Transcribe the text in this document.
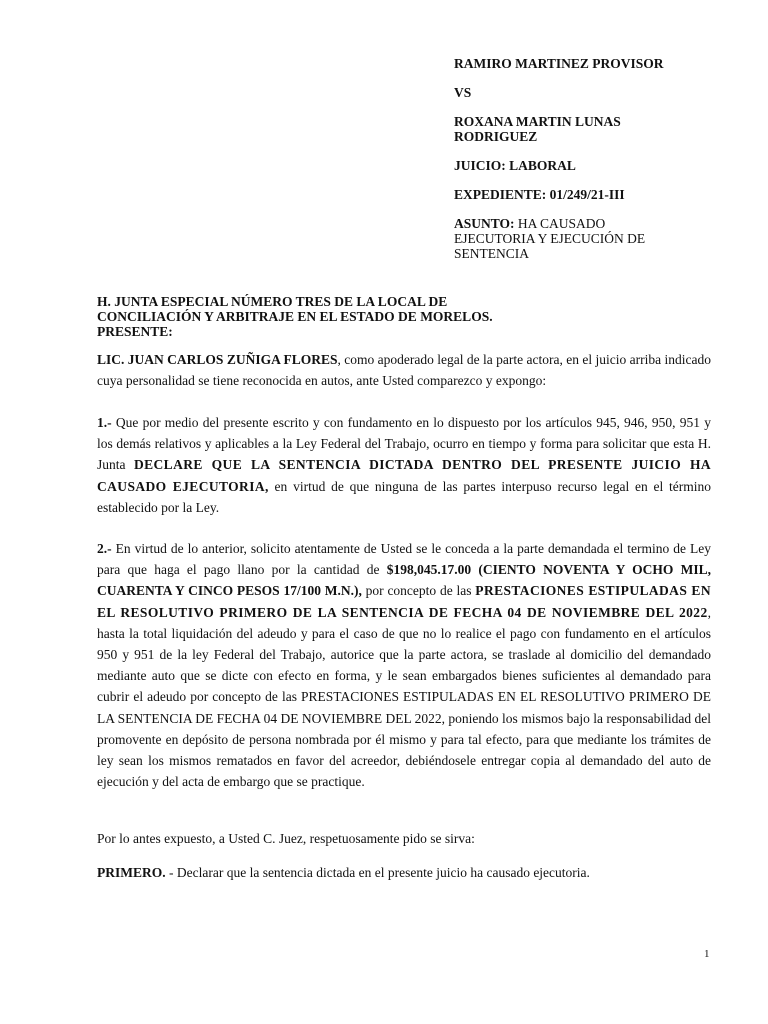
RAMIRO MARTINEZ PROVISOR
VS
ROXANA MARTIN LUNAS RODRIGUEZ
JUICIO: LABORAL
EXPEDIENTE: 01/249/21-III
ASUNTO: HA CAUSADO EJECUTORIA Y EJECUCIÓN DE SENTENCIA
H. JUNTA ESPECIAL NÚMERO TRES DE LA LOCAL DE
CONCILIACIÓN Y ARBITRAJE EN EL ESTADO DE MORELOS.
PRESENTE:

LIC. JUAN CARLOS ZUÑIGA FLORES, como apoderado legal de la parte actora, en el juicio arriba indicado cuya personalidad se tiene reconocida en autos, ante Usted comparezco y expongo:

1.- Que por medio del presente escrito y con fundamento en lo dispuesto por los artículos 945, 946, 950, 951 y los demás relativos y aplicables a la Ley Federal del Trabajo, ocurro en tiempo y forma para solicitar que esta H. Junta DECLARE QUE LA SENTENCIA DICTADA DENTRO DEL PRESENTE JUICIO HA CAUSADO EJECUTORIA, en virtud de que ninguna de las partes interpuso recurso legal en el término establecido por la Ley.

2.- En virtud de lo anterior, solicito atentamente de Usted se le conceda a la parte demandada el termino de Ley para que haga el pago llano por la cantidad de $198,045.17.00 (CIENTO NOVENTA Y OCHO MIL, CUARENTA Y CINCO PESOS 17/100 M.N.), por concepto de las PRESTACIONES ESTIPULADAS EN EL RESOLUTIVO PRIMERO DE LA SENTENCIA DE FECHA 04 DE NOVIEMBRE DEL 2022, hasta la total liquidación del adeudo y para el caso de que no lo realice el pago con fundamento en el artículos 950 y 951 de la ley Federal del Trabajo, autorice que la parte actora, se traslade al domicilio del demandado mediante auto que se dicte con efecto en forma, y le sean embargados bienes suficientes al demandado para cubrir el adeudo por concepto de las PRESTACIONES ESTIPULADAS EN EL RESOLUTIVO PRIMERO DE LA SENTENCIA DE FECHA 04 DE NOVIEMBRE DEL 2022, poniendo los mismos bajo la responsabilidad del promovente en depósito de persona nombrada por él mismo y para tal efecto, para que mediante los trámites de ley sean los mismos rematados en favor del acreedor, debiéndosele entregar copia al demandado del auto de ejecución y del acta de embargo que se practique.

Por lo antes expuesto, a Usted C. Juez, respetuosamente pido se sirva:

PRIMERO. - Declarar que la sentencia dictada en el presente juicio ha causado ejecutoria.

1
